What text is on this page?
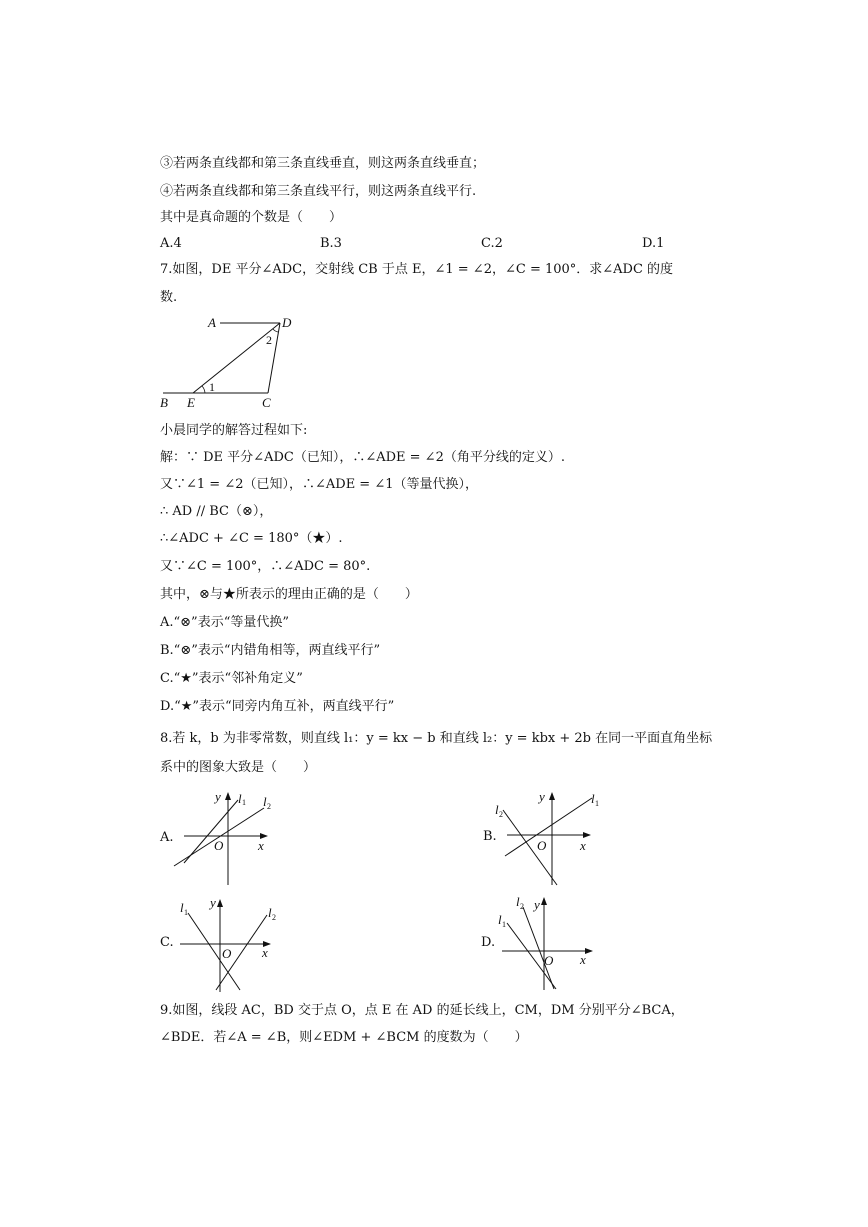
③若两条直线都和第三条直线垂直，则这两条直线垂直；
④若两条直线都和第三条直线平行，则这两条直线平行.
其中是真命题的个数是（　　）
A.4	B.3	C.2	D.1
7.如图，DE 平分∠ADC，交射线 CB 于点 E，∠1 = ∠2，∠C = 100°．求∠ADC 的度
数.
A	D
2
1
B E	C
小晨同学的解答过程如下:
解：∵ DE 平分∠ADC（已知），∴∠ADE = ∠2（角平分线的定义）.
又∵∠1 = ∠2（已知），∴∠ADE = ∠1（等量代换），
∴ AD // BC（⊗），
∴∠ADC + ∠C = 180°（★）.
又∵∠C = 100°，∴∠ADC = 80°.
其中，⊗与★所表示的理由正确的是（　　）
A.“⊗”表示“等量代换”
B.“⊗”表示“内错角相等，两直线平行”
C.“★”表示“邻补角定义”
D.“★”表示“同旁内角互补，两直线平行”
8.若 k，b 为非零常数，则直线 l₁：y = kx − b 和直线 l₂：y = kbx + 2b 在同一平面直角坐标
系中的图象大致是（　　）
A.
y l 1 l 2
O	x
B.
y	l 1
l 2
O	x
C.
y
l 1	l 2
O x
D.
y
l 1
l 2
O x
9.如图，线段 AC，BD 交于点 O，点 E 在 AD 的延长线上，CM，DM 分别平分∠BCA，
∠BDE．若∠A = ∠B，则∠EDM + ∠BCM 的度数为（　　）
